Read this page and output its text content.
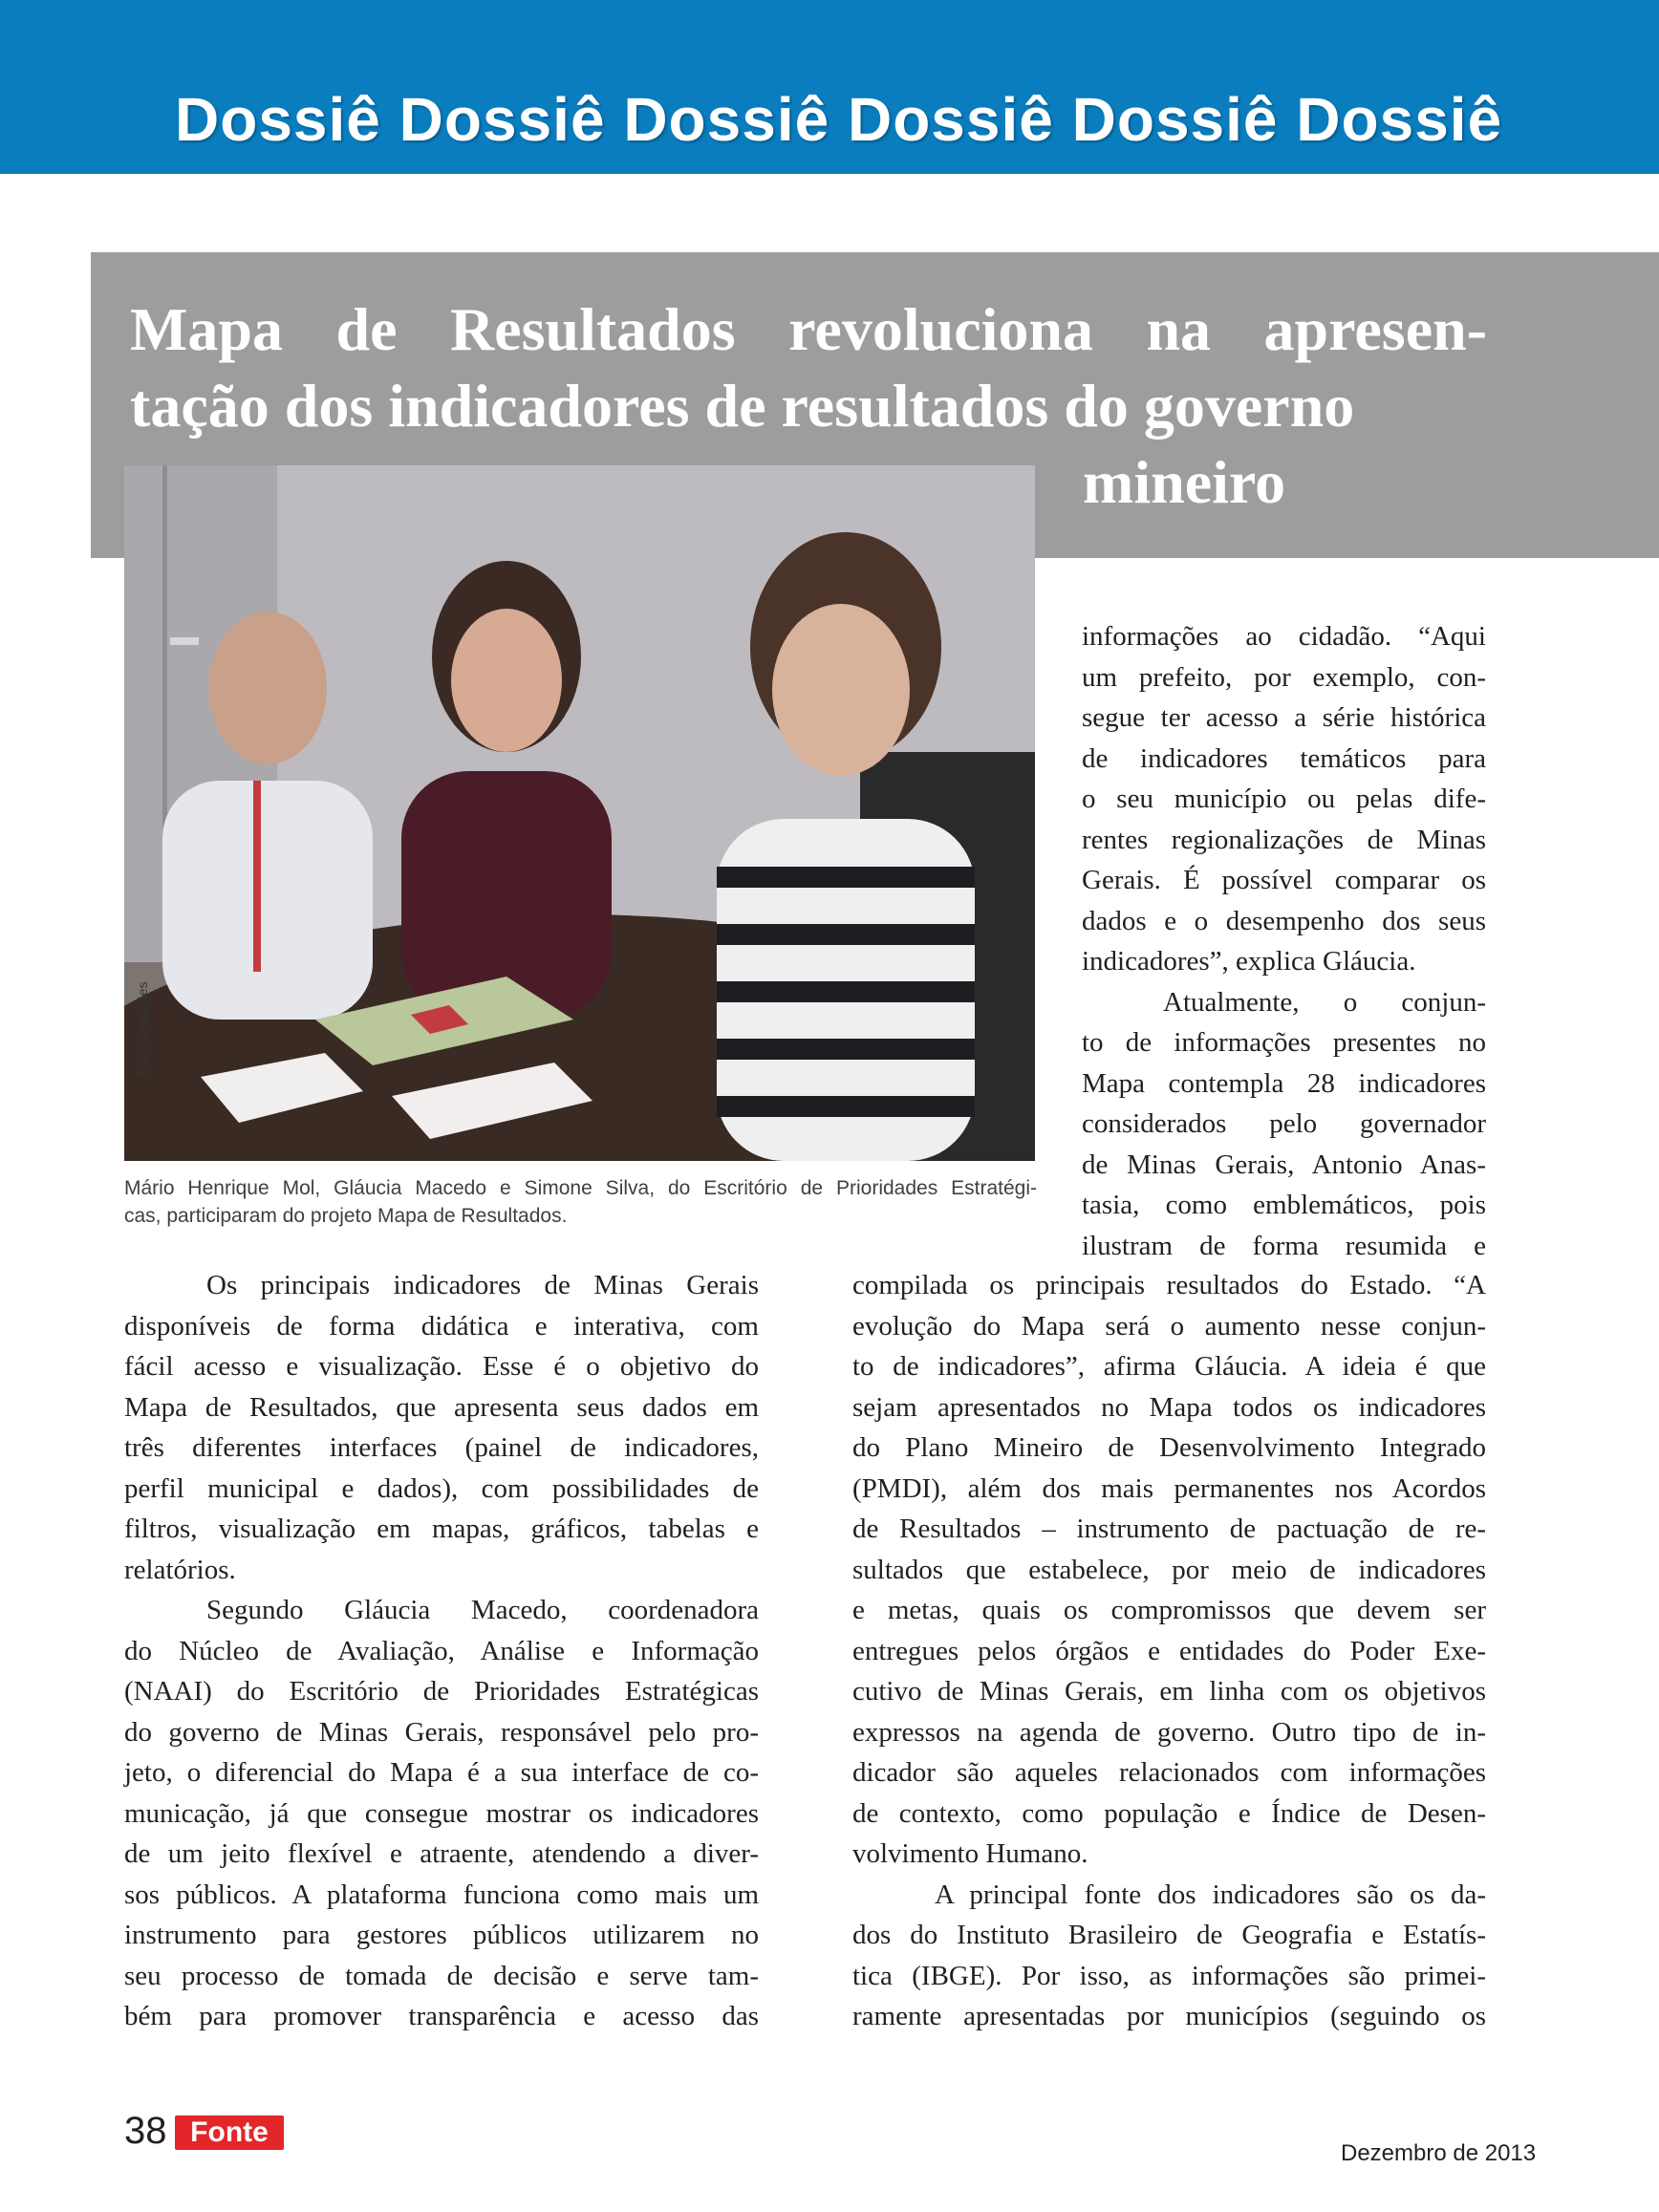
Dossiê Dossiê Dossiê Dossiê Dossiê Dossiê
Júlia Magalhães
Mapa de Resultados revoluciona na apresen-
tação dos indicadores de resultados do governo
mineiro

Mário Henrique Mol, Gláucia Macedo e Simone Silva, do Escritório de Prioridades Estratégi-
cas, participaram do projeto Mapa de Resultados.

informações ao cidadão. “Aqui
um prefeito, por exemplo, con-
segue ter acesso a série histórica
de indicadores temáticos para
o seu município ou pelas dife-
rentes regionalizações de Minas
Gerais. É possível comparar os
dados e o desempenho dos seus
indicadores”, explica Gláucia.
Atualmente, o conjun-
to de informações presentes no
Mapa contempla 28 indicadores
considerados pelo governador
de Minas Gerais, Antonio Anas-
tasia, como emblemáticos, pois
ilustram de forma resumida e
Os principais indicadores de Minas Gerais
disponíveis de forma didática e interativa, com
fácil acesso e visualização. Esse é o objetivo do
Mapa de Resultados, que apresenta seus dados em
três diferentes interfaces (painel de indicadores,
perfil municipal e dados), com possibilidades de
filtros, visualização em mapas, gráficos, tabelas e
relatórios.
Segundo Gláucia Macedo, coordenadora
do Núcleo de Avaliação, Análise e Informação
(NAAI) do Escritório de Prioridades Estratégicas
do governo de Minas Gerais, responsável pelo pro-
jeto, o diferencial do Mapa é a sua interface de co-
municação, já que consegue mostrar os indicadores
de um jeito flexível e atraente, atendendo a diver-
sos públicos. A plataforma funciona como mais um
instrumento para gestores públicos utilizarem no
seu processo de tomada de decisão e serve tam-
bém para promover transparência e acesso das
compilada os principais resultados do Estado. “A
evolução do Mapa será o aumento nesse conjun-
to de indicadores”, afirma Gláucia. A ideia é que
sejam apresentados no Mapa todos os indicadores
do Plano Mineiro de Desenvolvimento Integrado
(PMDI), além dos mais permanentes nos Acordos
de Resultados – instrumento de pactuação de re-
sultados que estabelece, por meio de indicadores
e metas, quais os compromissos que devem ser
entregues pelos órgãos e entidades do Poder Exe-
cutivo de Minas Gerais, em linha com os objetivos
expressos na agenda de governo. Outro tipo de in-
dicador são aqueles relacionados com informações
de contexto, como população e Índice de Desen-
volvimento Humano.
A principal fonte dos indicadores são os da-
dos do Instituto Brasileiro de Geografia e Estatís-
tica (IBGE). Por isso, as informações são primei-
ramente apresentadas por municípios (seguindo os

38 Fonte

Dezembro de 2013
